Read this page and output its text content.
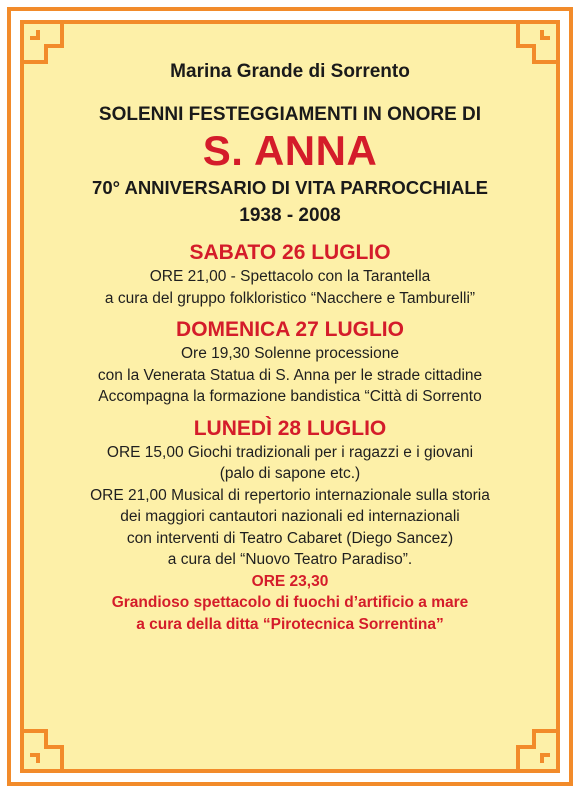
Marina Grande di Sorrento

SOLENNI FESTEGGIAMENTI IN ONORE DI

S. ANNA

70° ANNIVERSARIO DI VITA PARROCCHIALE

1938 - 2008

SABATO 26 LUGLIO

ORE 21,00 - Spettacolo con la Tarantella

a cura del gruppo folkloristico “Nacchere e Tamburelli”

DOMENICA 27 LUGLIO

Ore 19,30 Solenne processione

con la Venerata Statua di S. Anna per le strade cittadine

Accompagna la formazione bandistica “Città di Sorrento

LUNEDÌ 28 LUGLIO

ORE 15,00 Giochi tradizionali per i ragazzi e i giovani

(palo di sapone etc.)

ORE 21,00 Musical di repertorio internazionale sulla storia

dei maggiori cantautori nazionali ed internazionali

con interventi di Teatro Cabaret (Diego Sancez)

a cura del “Nuovo Teatro Paradiso”.

ORE 23,30

Grandioso spettacolo di fuochi d’artificio a mare

a cura della ditta “Pirotecnica Sorrentina”
